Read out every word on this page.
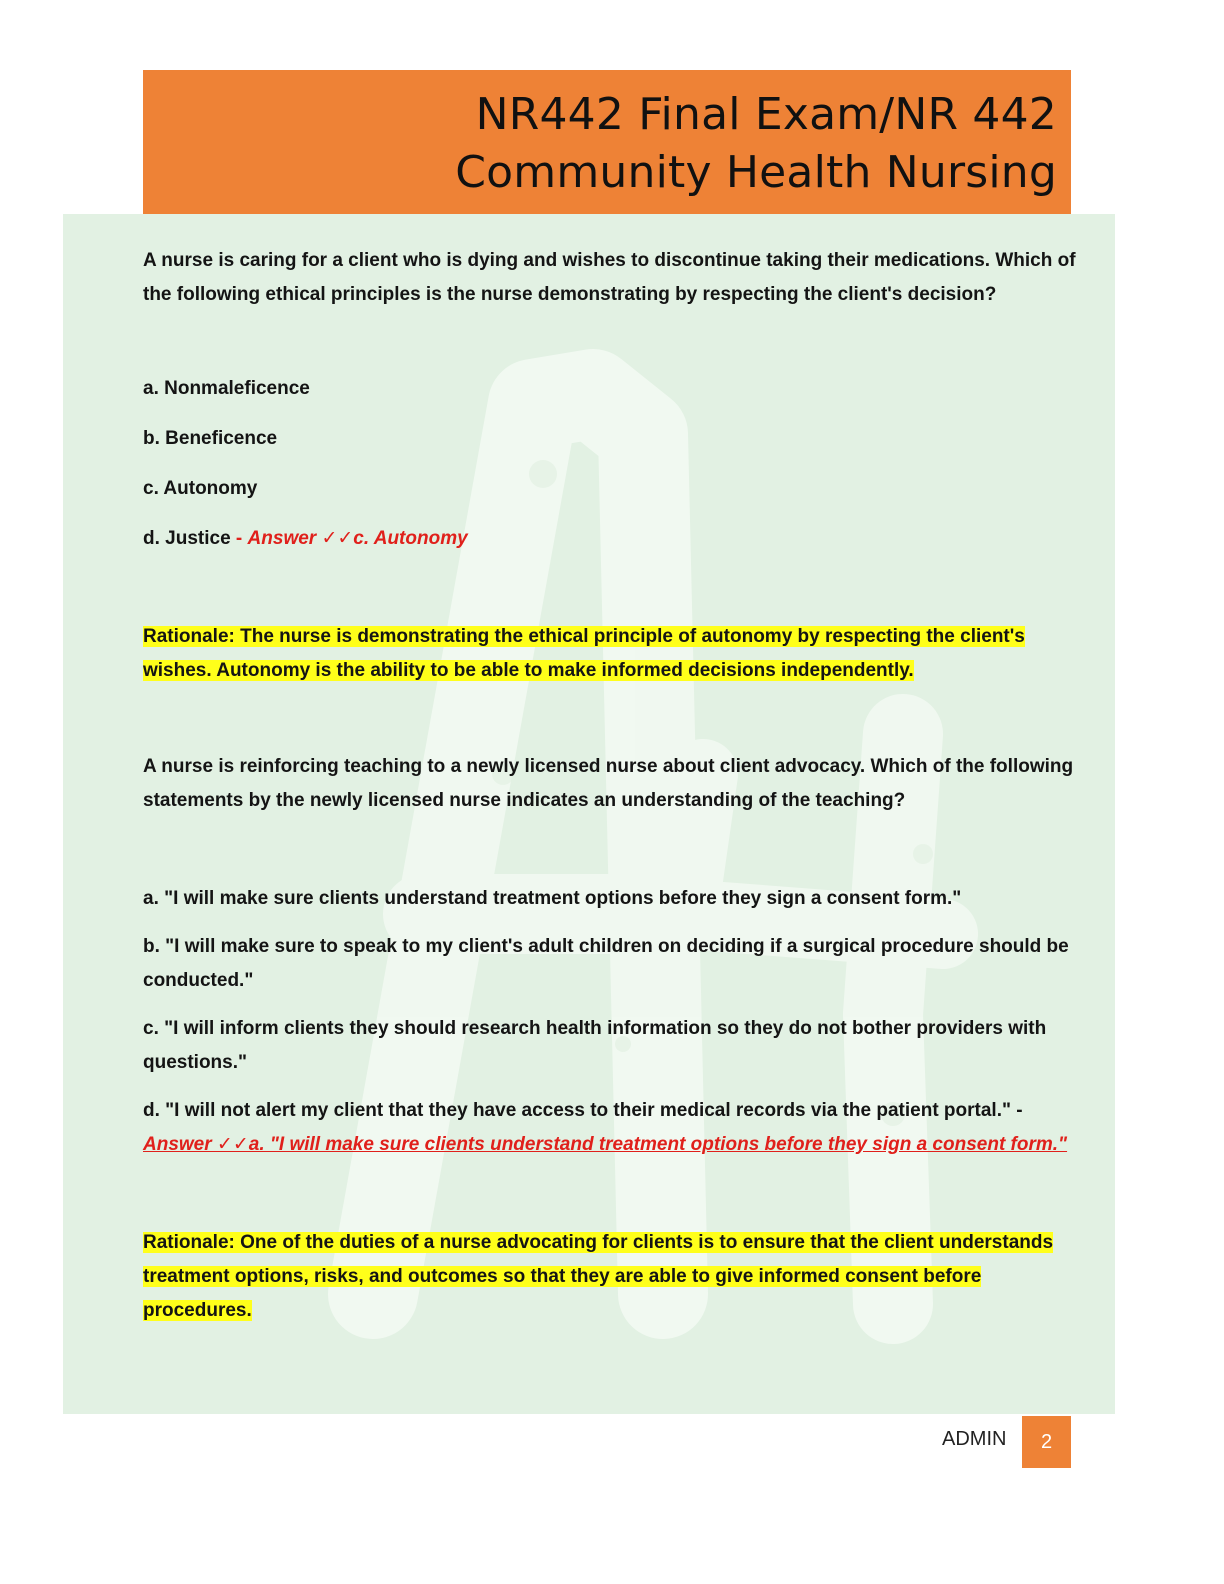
NR442 Final Exam/NR 442
Community Health Nursing

A nurse is caring for a client who is dying and wishes to discontinue taking their medications. Which of the following ethical principles is the nurse demonstrating by respecting the client's decision?

a. Nonmaleficence

b. Beneficence

c. Autonomy

d. Justice - Answer ✓✓c. Autonomy

Rationale: The nurse is demonstrating the ethical principle of autonomy by respecting the client's wishes. Autonomy is the ability to be able to make informed decisions independently.

A nurse is reinforcing teaching to a newly licensed nurse about client advocacy. Which of the following statements by the newly licensed nurse indicates an understanding of the teaching?

a. "I will make sure clients understand treatment options before they sign a consent form."

b. "I will make sure to speak to my client's adult children on deciding if a surgical procedure should be conducted."

c. "I will inform clients they should research health information so they do not bother providers with questions."

d. "I will not alert my client that they have access to their medical records via the patient portal." - Answer ✓✓a. "I will make sure clients understand treatment options before they sign a consent form."

Rationale: One of the duties of a nurse advocating for clients is to ensure that the client understands treatment options, risks, and outcomes so that they are able to give informed consent before procedures.

ADMIN	2
